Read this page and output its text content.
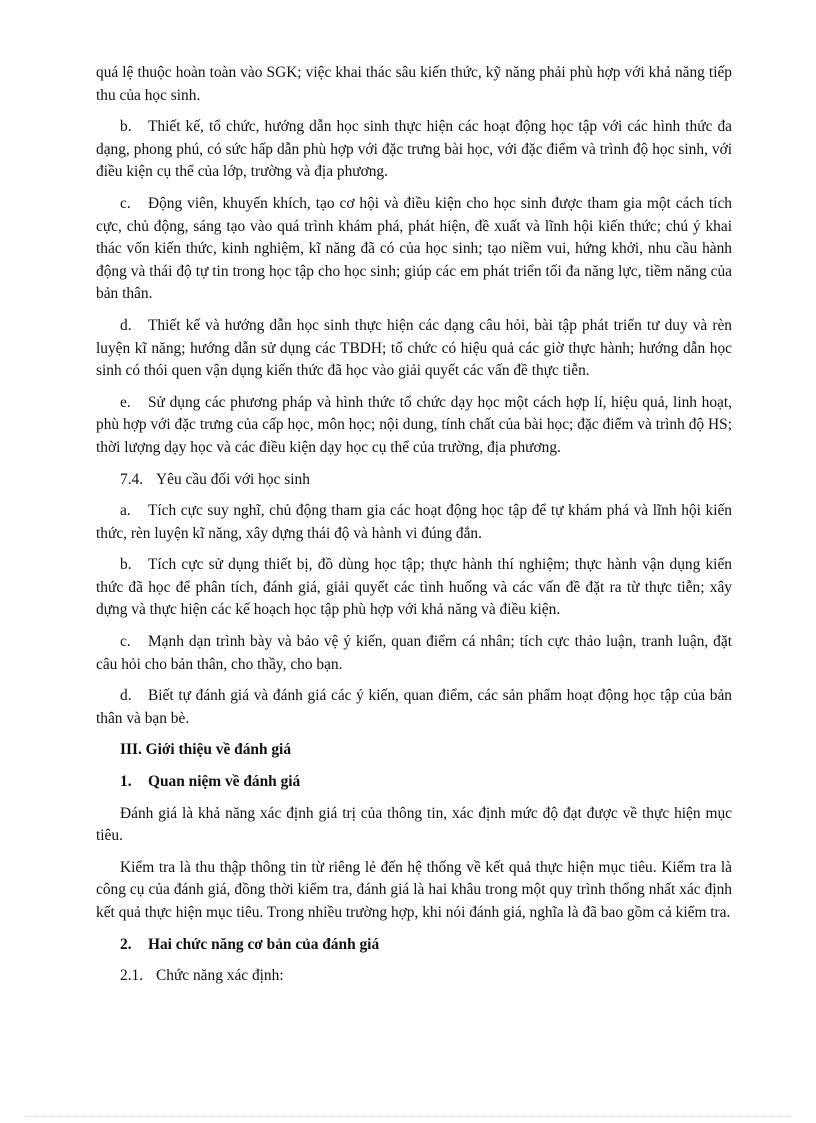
quá lệ thuộc hoàn toàn vào SGK; việc khai thác sâu kiến thức, kỹ năng phải phù hợp với khả năng tiếp thu của học sinh.

b. Thiết kế, tổ chức, hướng dẫn học sinh thực hiện các hoạt động học tập với các hình thức đa dạng, phong phú, có sức hấp dẫn phù hợp với đặc trưng bài học, với đặc điểm và trình độ học sinh, với điều kiện cụ thể của lớp, trường và địa phương.

c. Động viên, khuyến khích, tạo cơ hội và điều kiện cho học sinh được tham gia một cách tích cực, chủ động, sáng tạo vào quá trình khám phá, phát hiện, đề xuất và lĩnh hội kiến thức; chú ý khai thác vốn kiến thức, kinh nghiệm, kĩ năng đã có của học sinh; tạo niềm vui, hứng khởi, nhu cầu hành động và thái độ tự tin trong học tập cho học sinh; giúp các em phát triển tối đa năng lực, tiềm năng của bản thân.

d. Thiết kế và hướng dẫn học sinh thực hiện các dạng câu hỏi, bài tập phát triển tư duy và rèn luyện kĩ năng; hướng dẫn sử dụng các TBDH; tổ chức có hiệu quả các giờ thực hành; hướng dẫn học sinh có thói quen vận dụng kiến thức đã học vào giải quyết các vấn đề thực tiễn.

e. Sử dụng các phương pháp và hình thức tổ chức dạy học một cách hợp lí, hiệu quả, linh hoạt, phù hợp với đặc trưng của cấp học, môn học; nội dung, tính chất của bài học; đặc điểm và trình độ HS; thời lượng dạy học và các điều kiện dạy học cụ thể của trường, địa phương.

7.4. Yêu cầu đối với học sinh

a. Tích cực suy nghĩ, chủ động tham gia các hoạt động học tập để tự khám phá và lĩnh hội kiến thức, rèn luyện kĩ năng, xây dựng thái độ và hành vi đúng đắn.

b. Tích cực sử dụng thiết bị, đồ dùng học tập; thực hành thí nghiệm; thực hành vận dụng kiến thức đã học để phân tích, đánh giá, giải quyết các tình huống và các vấn đề đặt ra từ thực tiễn; xây dựng và thực hiện các kế hoạch học tập phù hợp với khả năng và điều kiện.

c. Mạnh dạn trình bày và bảo vệ ý kiến, quan điểm cá nhân; tích cực thảo luận, tranh luận, đặt câu hỏi cho bản thân, cho thầy, cho bạn.

d. Biết tự đánh giá và đánh giá các ý kiến, quan điểm, các sản phẩm hoạt động học tập của bản thân và bạn bè.

III. Giới thiệu về đánh giá

1. Quan niệm về đánh giá

Đánh giá là khả năng xác định giá trị của thông tin, xác định mức độ đạt được về thực hiện mục tiêu.

Kiểm tra là thu thập thông tin từ riêng lẻ đến hệ thống về kết quả thực hiện mục tiêu. Kiểm tra là công cụ của đánh giá, đồng thời kiểm tra, đánh giá là hai khâu trong một quy trình thống nhất xác định kết quả thực hiện mục tiêu. Trong nhiều trường hợp, khi nói đánh giá, nghĩa là đã bao gồm cả kiểm tra.

2. Hai chức năng cơ bản của đánh giá

2.1. Chức năng xác định:
